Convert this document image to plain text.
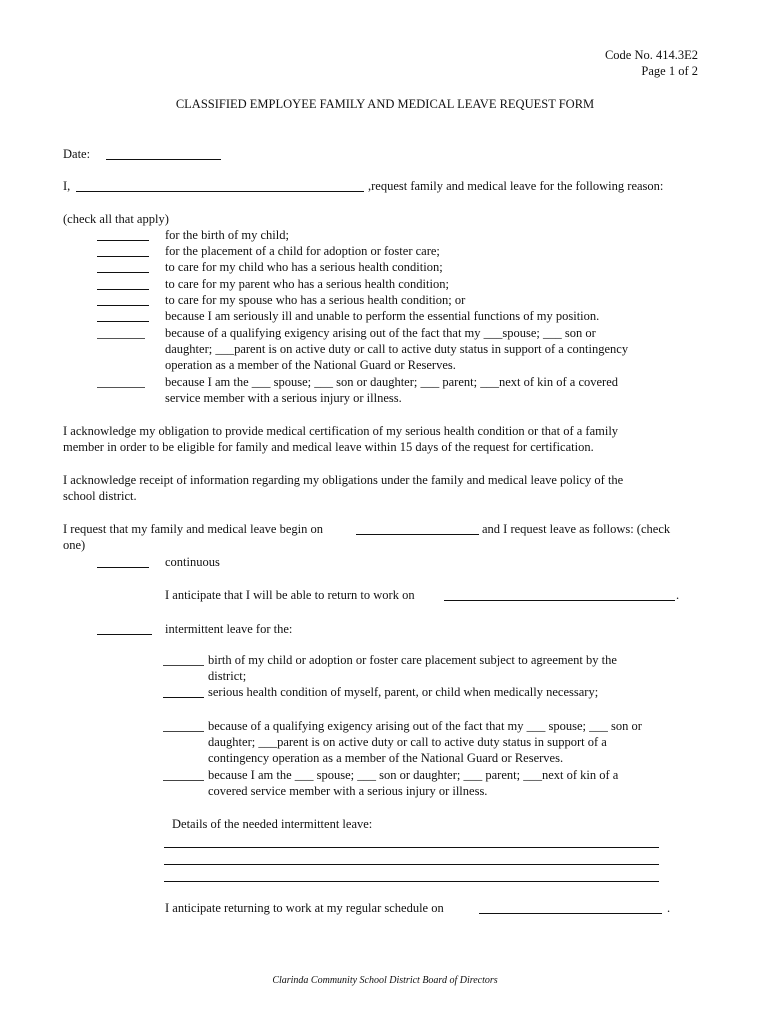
Code No. 414.3E2
Page 1 of 2
CLASSIFIED EMPLOYEE FAMILY AND MEDICAL LEAVE REQUEST FORM
Date:
I,	,request family and medical leave for the following reason:
(check all that apply)
for the birth of my child;
for the placement of a child for adoption or foster care;
to care for my child who has a serious health condition;
to care for my parent who has a serious health condition;
to care for my spouse who has a serious health condition; or
because I am seriously ill and unable to perform the essential functions of my position.
because of a qualifying exigency arising out of the fact that my ___spouse; ___ son or
daughter; ___parent is on active duty or call to active duty status in support of a contingency
operation as a member of the National Guard or Reserves.
because I am the ___ spouse; ___ son or daughter; ___ parent; ___next of kin of a covered
service member with a serious injury or illness.
I acknowledge my obligation to provide medical certification of my serious health condition or that of a family
member in order to be eligible for family and medical leave within 15 days of the request for certification.
I acknowledge receipt of information regarding my obligations under the family and medical leave policy of the
school district.
I request that my family and medical leave begin on	and I request leave as follows: (check
one)
continuous
I anticipate that I will be able to return to work on	.
intermittent leave for the:
birth of my child or adoption or foster care placement subject to agreement by the
district;
serious health condition of myself, parent, or child when medically necessary;
because of a qualifying exigency arising out of the fact that my ___ spouse; ___ son or
daughter; ___parent is on active duty or call to active duty status in support of a
contingency operation as a member of the National Guard or Reserves.
because I am the ___ spouse; ___ son or daughter; ___ parent; ___next of kin of a
covered service member with a serious injury or illness.
Details of the needed intermittent leave:
I anticipate returning to work at my regular schedule on	.
Clarinda Community School District Board of Directors
